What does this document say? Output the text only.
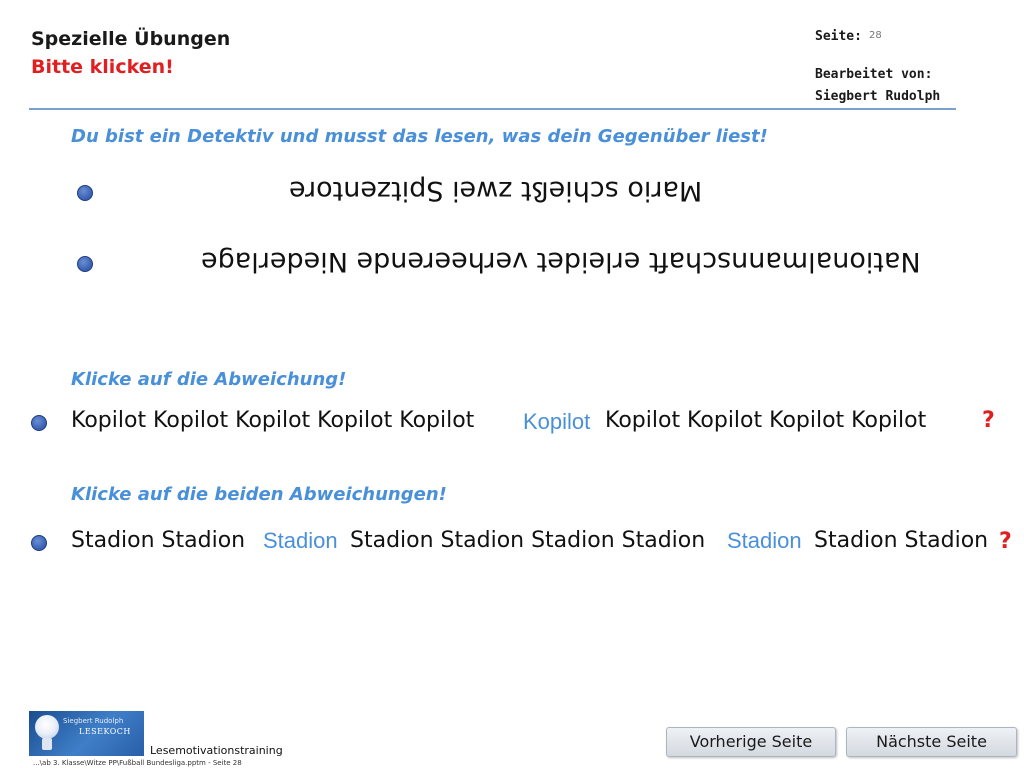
Spezielle Übungen
Bitte klicken!
Seite: 28
Bearbeitet von:
Siegbert Rudolph
Du bist ein Detektiv und musst das lesen, was dein Gegenüber liest!
Mario schießt zwei Spitzentore
Nationalmannschaft erleidet verheerende Niederlage
Klicke auf die Abweichung!
Kopilot Kopilot Kopilot Kopilot Kopilot Kopilot Kopilot Kopilot Kopilot Kopilot	?
Klicke auf die beiden Abweichungen!
Stadion Stadion Stadion Stadion Stadion Stadion Stadion Stadion Stadion Stadion ?
Siegbert Rudolph
LESEKOCH
Lesemotivationstraining
...\ab 3. Klasse\Witze PP\Fußball Bundesliga.pptm - Seite 28
Vorherige Seite	Nächste Seite
